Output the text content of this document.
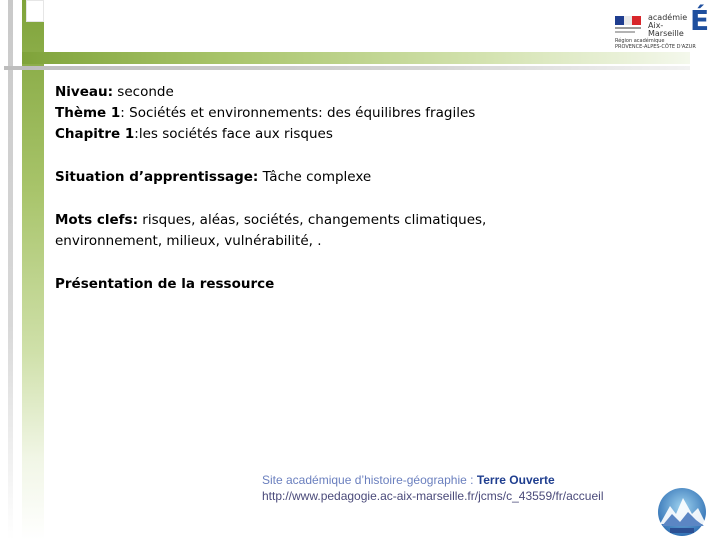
académie
Aix-Marseille É
Région académique
PROVENCE-ALPES-CÔTE D'AZUR

Niveau: seconde

Thème 1: Sociétés et environnements: des équilibres fragiles

Chapitre 1:les sociétés face aux risques

Situation d’apprentissage: Tâche complexe

Mots clefs: risques, aléas, sociétés, changements climatiques,

environnement, milieux, vulnérabilité, .

Présentation de la ressource

Site académique d’histoire-géographie : Terre Ouverte
http://www.pedagogie.ac-aix-marseille.fr/jcms/c_43559/fr/accueil
